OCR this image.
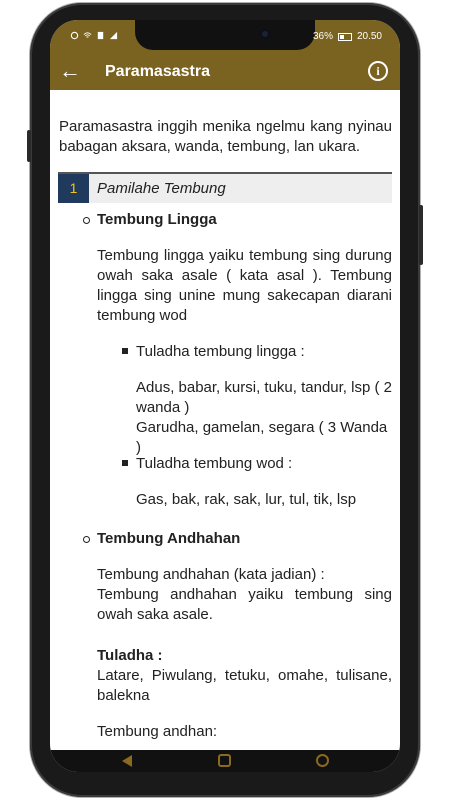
36% 20.50
← Paramasastra	i
Paramasastra inggih menika ngelmu kang nyinau babagan aksara, wanda, tembung, lan ukara.
1	Pamilahe Tembung
Tembung Lingga
Tembung lingga yaiku tembung sing durung owah saka asale ( kata asal ). Tembung lingga sing unine mung sakecapan diarani tembung wod
Tuladha tembung lingga :
Adus, babar, kursi, tuku, tandur, lsp ( 2 wanda )
Garudha, gamelan, segara ( 3 Wanda )
Tuladha tembung wod :
Gas, bak, rak, sak, lur, tul, tik, lsp
Tembung Andhahan
Tembung andhahan (kata jadian) :
Tembung andhahan yaiku tembung sing owah saka asale.
Tuladha :
Latare, Piwulang, tetuku, omahe, tulisane, balekna
Tembung andhan:
